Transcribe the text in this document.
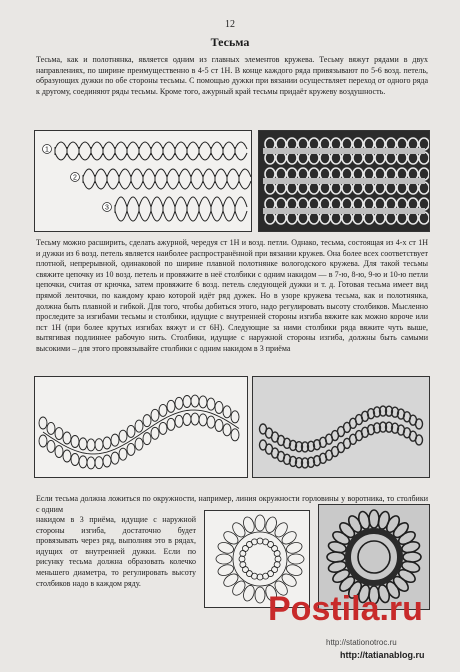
12
Тесьма

Тесьма, как и полотнянка, является одним из главных элементов кружева. Тесьму вяжут рядами в двух направлениях, по ширине преимущественно в 4-5 ст 1Н. В конце каждого ряда привязывают по 5-6 возд. петель, образующих дужки по обе стороны тесьмы. С помощью дужки при вязании осуществляет переход от одного ряда к другому, соединяют ряды тесьмы. Кроме того, ажурный край тесьмы придаёт кружеву воздушность.

1
2
3

Тесьму можно расширить, сделать ажурной, чередуя ст 1Н и возд. петли. Однако, тесьма, состоящая из 4-х ст 1Н и дужки из 6 возд. петель является наиболее распространённой при вязании кружев. Она более всех соответствует плотной, непрерывной, одинаковой по ширине плавной полотнянке вологодского кружева. Для такой тесьмы свяжите цепочку из 10 возд. петель и провяжите в неё столбики с одним накидом — в 7-ю, 8-ю, 9-ю и 10-ю петли цепочки, считая от крючка, затем провяжите 6 возд. петель следующей дужки и т. д. Готовая тесьма имеет вид прямой ленточки, по каждому краю которой идёт ряд дужек. Но в узоре кружева тесьма, как и полотнянка, должна быть плавной и гибкой. Для того, чтобы добиться этого, надо регулировать высоту столбиков. Мысленно проследите за изгибами тесьмы и столбики, идущие с внутренней стороны изгиба вяжите как можно короче или пст 1Н (при более крутых изгибах вяжут и ст 6Н). Следующие за ними столбики ряда вяжите чуть выше, вытягивая подлиннее рабочую нить. Столбики, идущие с наружной стороны изгиба, должны быть самыми высокими – для этого провязывайте столбики с одним накидом в 3 приёма

Если тесьма должна ложиться по окружности, например, линия окружности горловины у воротника, то столбики с одним

накидом в 3 приёма, идущие с наружной стороны изгиба, достаточно будет провязывать через ряд, выполняя это в рядах, идущих от внутренней дужки. Если по рисунку тесьма должна образовать колечко меньшего диаметра, то регулировать высоту столбиков надо в каждом ряду.

Postila.ru
http://stationotroc.ru
http://tatianablog.ru
